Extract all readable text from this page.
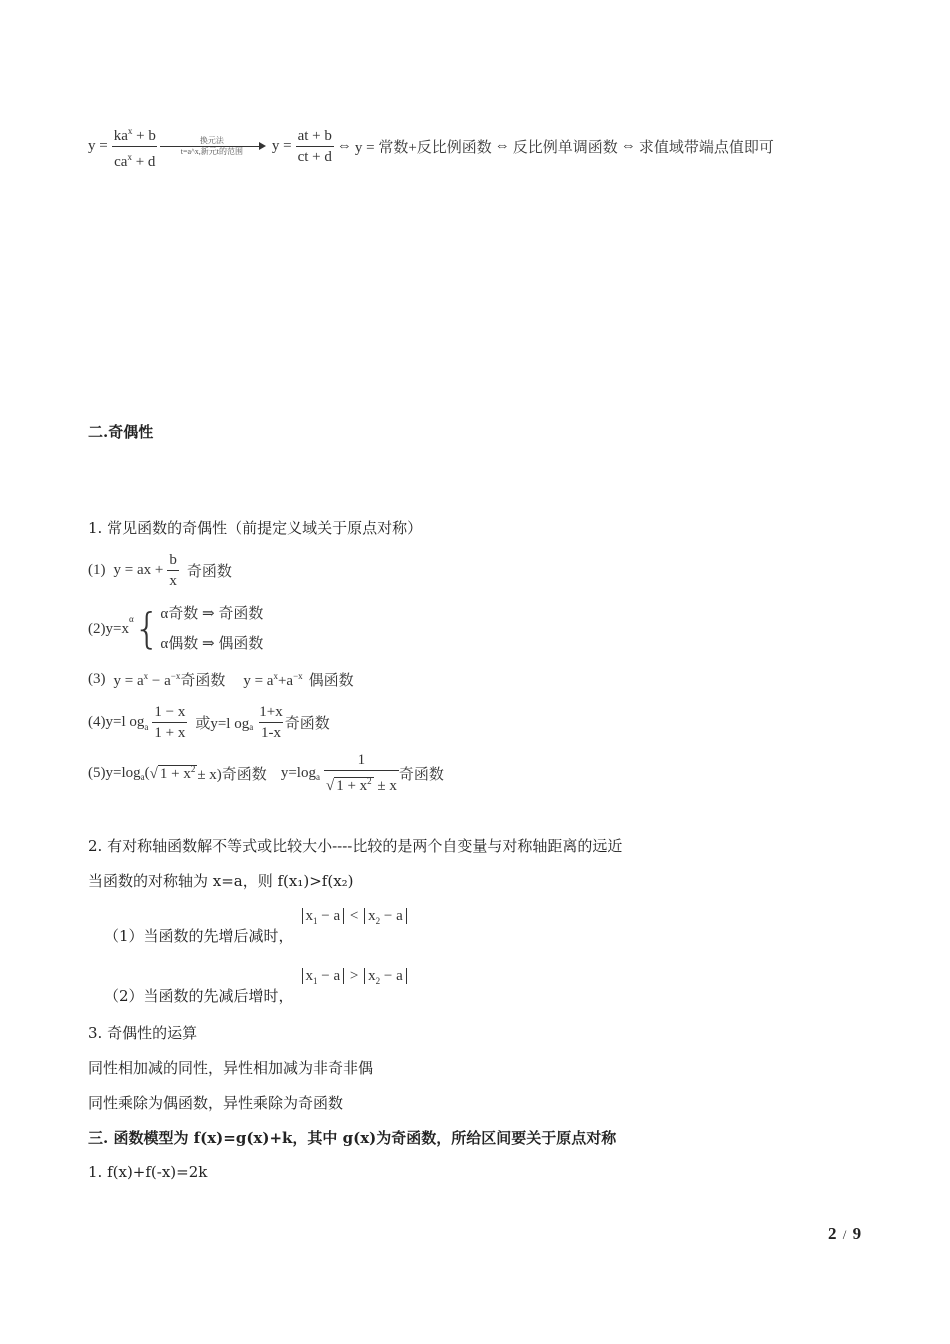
$y = \frac{ka^x + b}{ca^x + d}$	换元法
t=a^x,新元t的范围 $y = \frac{at + b}{ct + d}$ ⇔ y = 常数+反比例函数 ⇔ 反比例单调函数 ⇔ 求值域带端点值即可
二.奇偶性
1. 常见函数的奇偶性（前提定义域关于原点对称）
(1) y = ax + $\frac{b}{x}$ 奇函数
(2)y=x
$^\alpha$ { α奇数 ⇒ 奇函数
α偶数 ⇒ 偶函数
(3) $y = a^x - a^{-x}$奇函数 $y = a^x+a^{-x}$ 偶函数
(4)y=l $og_a \frac{1 - x}{1 + x}$ 或y=l $og_a \frac{1+x}{1-x}$ 奇函数
$(5)y=\log_a$ ( √ $1 + x^2 \pm x$)奇函数 $y=\log_a \frac{1}{√ 1 + x^2 \pm x}$ 奇函数
2. 有对称轴函数解不等式或比较大小----比较的是两个自变量与对称轴距离的远近
当函数的对称轴为 x=a，则 f(x₁)>f(x₂)
（1）当函数的先增后减时，
$x_1 - a < x_2 - a$
（2）当函数的先减后增时，
$x_1 - a > x_2 - a$
3. 奇偶性的运算
同性相加减的同性，异性相加减为非奇非偶
同性乘除为偶函数，异性乘除为奇函数
三. 函数模型为 f(x)=g(x)+k，其中 g(x)为奇函数，所给区间要关于原点对称
1. f(x)+f(-x)=2k
2 / 9
